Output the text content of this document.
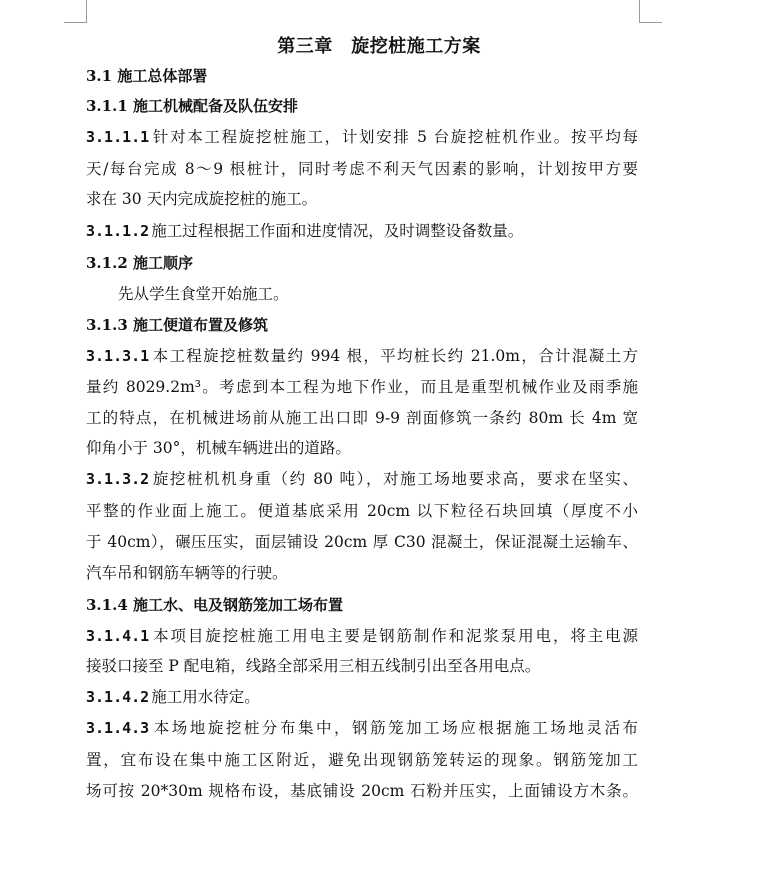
第三章　旋挖桩施工方案
3.1 施工总体部署
3.1.1 施工机械配备及队伍安排
3.1.1.1 针对本工程旋挖桩施工，计划安排 5 台旋挖桩机作业。按平均每
天/每台完成 8～9 根桩计，同时考虑不利天气因素的影响，计划按甲方要
求在 30 天内完成旋挖桩的施工。
3.1.1.2 施工过程根据工作面和进度情况，及时调整设备数量。
3.1.2 施工顺序
先从学生食堂开始施工。
3.1.3 施工便道布置及修筑
3.1.3.1 本工程旋挖桩数量约 994 根，平均桩长约 21.0m，合计混凝土方
量约 8029.2m³。考虑到本工程为地下作业，而且是重型机械作业及雨季施
工的特点，在机械进场前从施工出口即 9-9 剖面修筑一条约 80m 长 4m 宽
仰角小于 30°，机械车辆进出的道路。
3.1.3.2 旋挖桩机机身重（约 80 吨），对施工场地要求高，要求在坚实、
平整的作业面上施工。便道基底采用 20cm 以下粒径石块回填（厚度不小
于 40cm），碾压压实，面层铺设 20cm 厚 C30 混凝土，保证混凝土运输车、
汽车吊和钢筋车辆等的行驶。
3.1.4 施工水、电及钢筋笼加工场布置
3.1.4.1 本项目旋挖桩施工用电主要是钢筋制作和泥浆泵用电，将主电源
接驳口接至 P 配电箱，线路全部采用三相五线制引出至各用电点。
3.1.4.2 施工用水待定。
3.1.4.3 本场地旋挖桩分布集中，钢筋笼加工场应根据施工场地灵活布
置，宜布设在集中施工区附近，避免出现钢筋笼转运的现象。钢筋笼加工
场可按 20*30m 规格布设，基底铺设 20cm 石粉并压实，上面铺设方木条。
